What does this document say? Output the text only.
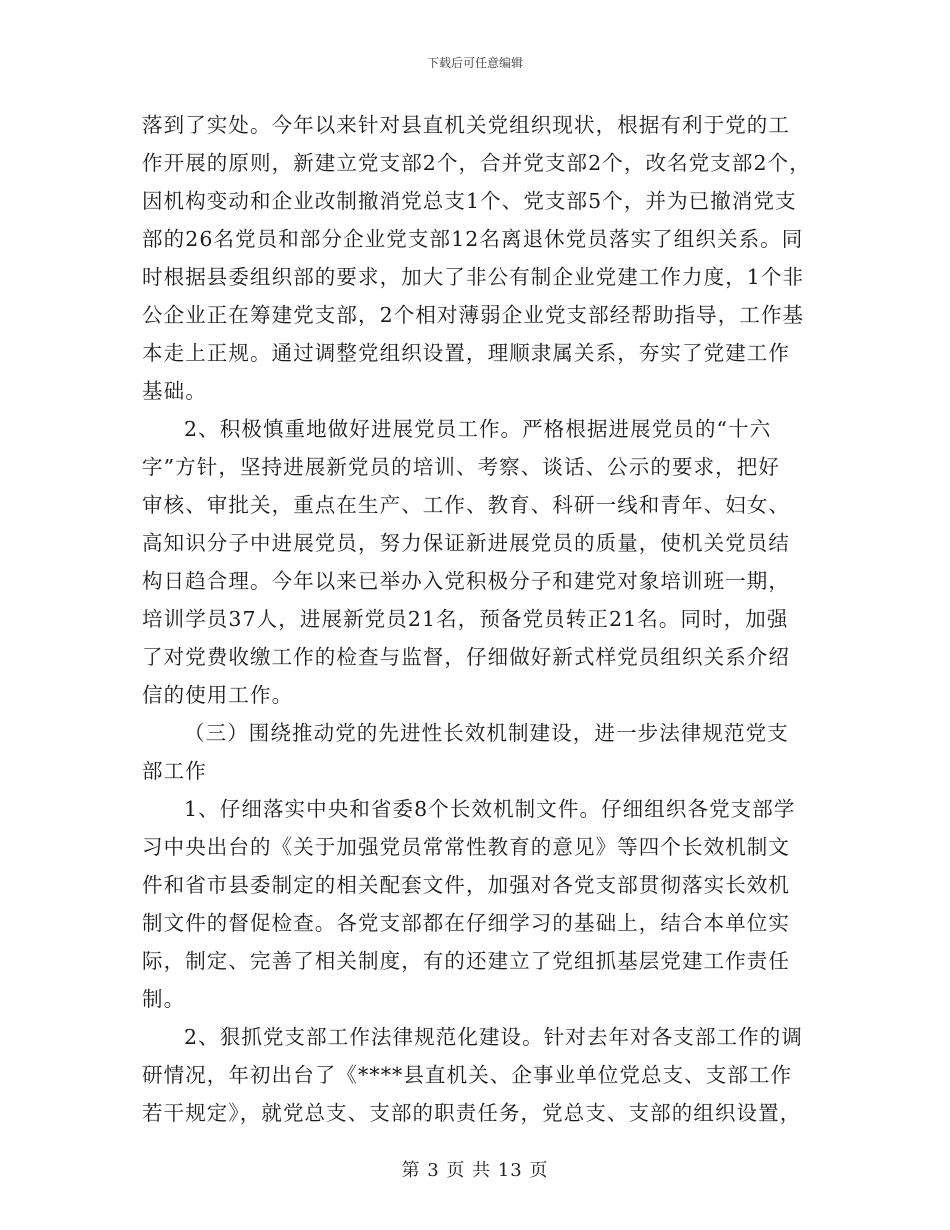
下载后可任意编辑
落到了实处。今年以来针对县直机关党组织现状，根据有利于党的工
作开展的原则，新建立党支部2个，合并党支部2个，改名党支部2个，
因机构变动和企业改制撤消党总支1个、党支部5个，并为已撤消党支
部的26名党员和部分企业党支部12名离退休党员落实了组织关系。同
时根据县委组织部的要求，加大了非公有制企业党建工作力度，1个非
公企业正在筹建党支部，2个相对薄弱企业党支部经帮助指导，工作基
本走上正规。通过调整党组织设置，理顺隶属关系，夯实了党建工作
基础。
2、积极慎重地做好进展党员工作。严格根据进展党员的“十六
字”方针，坚持进展新党员的培训、考察、谈话、公示的要求，把好
审核、审批关，重点在生产、工作、教育、科研一线和青年、妇女、
高知识分子中进展党员，努力保证新进展党员的质量，使机关党员结
构日趋合理。今年以来已举办入党积极分子和建党对象培训班一期，
培训学员37人，进展新党员21名，预备党员转正21名。同时，加强
了对党费收缴工作的检查与监督，仔细做好新式样党员组织关系介绍
信的使用工作。
（三）围绕推动党的先进性长效机制建设，进一步法律规范党支
部工作
1、仔细落实中央和省委8个长效机制文件。仔细组织各党支部学
习中央出台的《关于加强党员常常性教育的意见》等四个长效机制文
件和省市县委制定的相关配套文件，加强对各党支部贯彻落实长效机
制文件的督促检查。各党支部都在仔细学习的基础上，结合本单位实
际，制定、完善了相关制度，有的还建立了党组抓基层党建工作责任
制。
2、狠抓党支部工作法律规范化建设。针对去年对各支部工作的调
研情况，年初出台了《****县直机关、企事业单位党总支、支部工作
若干规定》，就党总支、支部的职责任务，党总支、支部的组织设置，
第 3 页 共 13 页
